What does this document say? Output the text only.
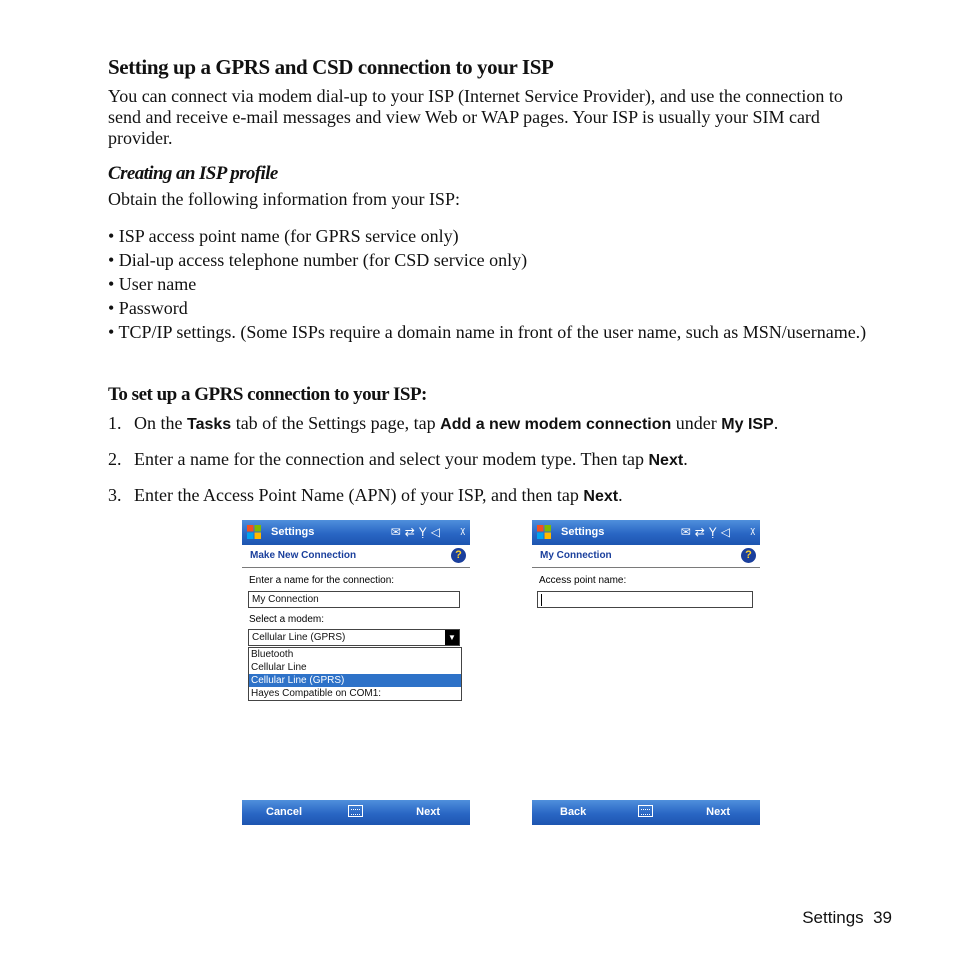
Setting up a GPRS and CSD connection to your ISP
You can connect via modem dial-up to your ISP (Internet Service Provider), and use the connection to send and receive e-mail messages and view Web or WAP pages. Your ISP is usually your SIM card provider.
Creating an ISP profile
Obtain the following information from your ISP:
• ISP access point name (for GPRS service only)
• Dial-up access telephone number (for CSD service only)
• User name
• Password
• TCP/IP settings. (Some ISPs require a domain name in front of the user name, such as MSN/username.)
To set up a GPRS connection to your ISP:
1. On the Tasks tab of the Settings page, tap Add a new modem connection under My ISP.
2. Enter a name for the connection and select your modem type. Then tap Next.
3. Enter the Access Point Name (APN) of your ISP, and then tap Next.
Settings	✉⇄Ỵ◁ ᵡ
Make New Connection	?
Enter a name for the connection:
My Connection
Select a modem:
Cellular Line (GPRS)	▼
Bluetooth
Cellular Line
Cellular Line (GPRS)
Hayes Compatible on COM1:
Cancel	Next
Settings	✉⇄Ỵ◁ ᵡ
My Connection	?
Access point name:
Back	Next
Settings  39
